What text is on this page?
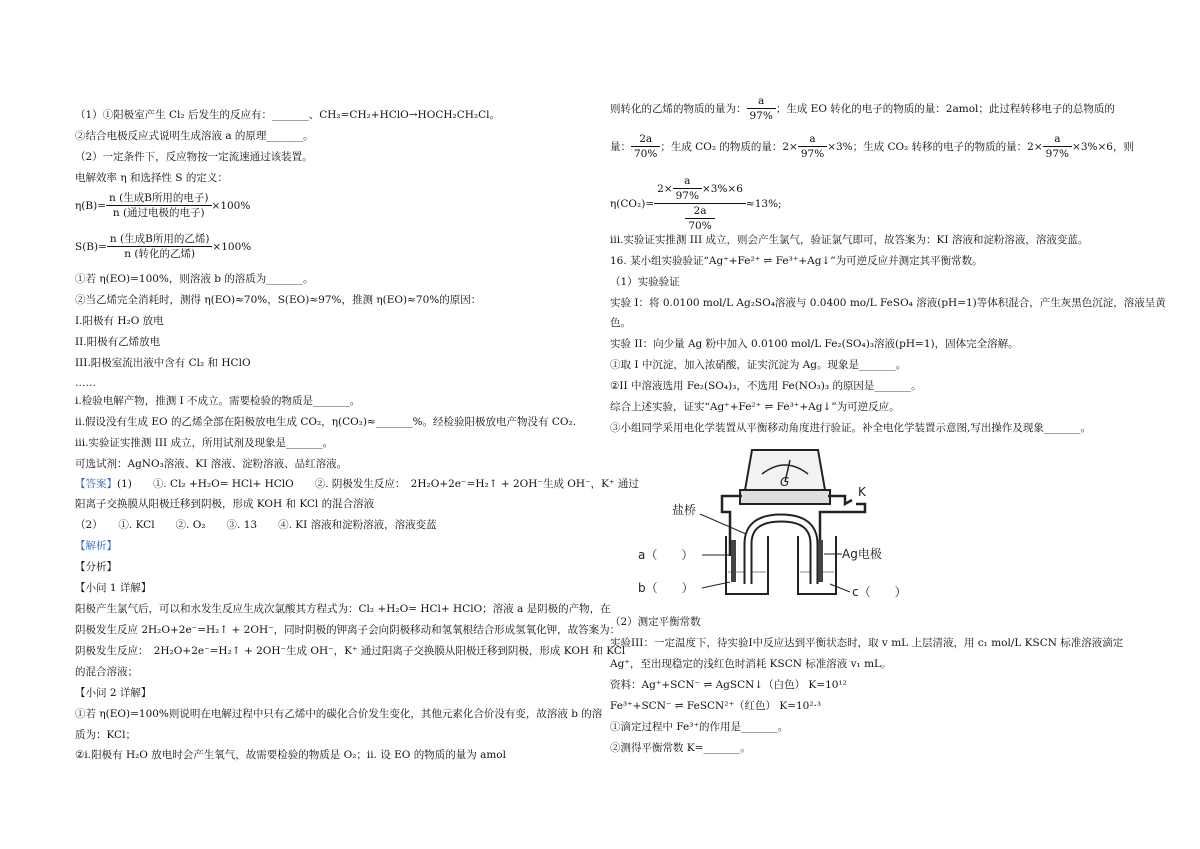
（1）①阳极室产生 Cl₂ 后发生的反应有：_______、CH₂=CH₂+HClO→HOCH₂CH₂Cl。
②结合电极反应式说明生成溶液 a 的原理_______。
（2）一定条件下，反应物按一定流速通过该装置。
电解效率 η 和选择性 S 的定义：
$\eta(B)= \frac{\text{n (生成B所用的电子)}}{\text{n (通过电极的电子)}} \times 100\%$
$S(B)= \frac{\text{n (生成B所用的乙烯)}}{\text{n (转化的乙烯)}} \times 100\%$
①若 η(EO)=100%，则溶液 b 的溶质为_______。
②当乙烯完全消耗时，测得 η(EO)≈70%，S(EO)≈97%，推测 η(EO)≈70%的原因：
I.阳极有 H₂O 放电
II.阳极有乙烯放电
III.阳极室流出液中含有 Cl₂ 和 HClO
……
i.检验电解产物，推测 I 不成立。需要检验的物质是_______。
ii.假设没有生成 EO 的乙烯全部在阳极放电生成 CO₂，η(CO₂)≈_______%。经检验阳极放电产物没有 CO₂.
iii.实验证实推测 III 成立，所用试剂及现象是_______。
可选试剂：AgNO₃溶液、KI 溶液、淀粉溶液、品红溶液。
【答案】(1)　　①. Cl₂ +H₂O= HCl+ HClO　　②. 阴极发生反应：　2H₂O+2e⁻=H₂↑ + 2OH⁻生成 OH⁻，K⁺ 通过
阳离子交换膜从阳极迁移到阴极，形成 KOH 和 KCl 的混合溶液
（2）　　①. KCl　　②. O₂　　③. 13　　④. KI 溶液和淀粉溶液，溶液变蓝
【解析】
【分析】
【小问 1 详解】
阳极产生氯气后，可以和水发生反应生成次氯酸其方程式为：Cl₂ +H₂O= HCl+ HClO；溶液 a 是阴极的产物，在
阴极发生反应 2H₂O+2e⁻=H₂↑ + 2OH⁻，同时阴极的钾离子会向阴极移动和氢氧根结合形成氢氧化钾，故答案为：
阴极发生反应：　2H₂O+2e⁻=H₂↑ + 2OH⁻生成 OH⁻，K⁺ 通过阳离子交换膜从阳极迁移到阴极，形成 KOH 和 KCl
的混合溶液；
【小问 2 详解】
①若 η(EO)=100%则说明在电解过程中只有乙烯中的碳化合价发生变化，其他元素化合价没有变，故溶液 b 的溶
质为：KCl；
②i.阳极有 H₂O 放电时会产生氧气，故需要检验的物质是 O₂；ii. 设 EO 的物质的量为 amol
则转化的乙烯的物质的量为： $\frac{a}{97\%}$ ；生成 EO 转化的电子的物质的量：2amol；此过程转移电子的总物质的
量： $\frac{2a}{70\%}$ ；生成 CO₂ 的物质的量：$2\times \frac{a}{97\%} \times 3\%$；生成 CO₂ 转移的电子的物质的量：$2\times \frac{a}{97\%} \times 3\%\times 6$，则
$\eta(CO_2)= \frac{2\times \frac{a}{97\%} \times 3\%\times 6}{\frac{2a}{70\%}} \approx 13\%$;
iii.实验证实推测 III 成立，则会产生氯气，验证氯气即可，故答案为：KI 溶液和淀粉溶液，溶液变蓝。
16. 某小组实验验证“Ag⁺+Fe²⁺ ⇌ Fe³⁺+Ag↓”为可逆反应并测定其平衡常数。
（1）实验验证
实验 I：将 0.0100 mol/L Ag₂SO₄溶液与 0.0400 mo/L FeSO₄ 溶液(pH=1)等体积混合，产生灰黑色沉淀，溶液呈黄
色。
实验 II：向少量 Ag 粉中加入 0.0100 mol/L Fe₂(SO₄)₃溶液(pH=1)，固体完全溶解。
①取 I 中沉淀，加入浓硝酸，证实沉淀为 Ag。现象是_______。
②II 中溶液选用 Fe₂(SO₄)₃，不选用 Fe(NO₃)₃ 的原因是_______。
综合上述实验，证实“Ag⁺+Fe²⁺ ⇌ Fe³⁺+Ag↓”为可逆反应。
③小组同学采用电化学装置从平衡移动角度进行验证。补全电化学装置示意图,写出操作及现象_______。
G
K
盐桥
Ag电极
a（　　）
b（　　）	c（　　）
（2）测定平衡常数
实验III：一定温度下，待实验I中反应达到平衡状态时，取 v mL 上层清液，用 c₁ mol/L KSCN 标准溶液滴定
Ag⁺，至出现稳定的浅红色时消耗 KSCN 标准溶液 v₁ mL。
资料：Ag⁺+SCN⁻ ⇌ AgSCN↓（白色） K=10¹²
Fe³⁺+SCN⁻ ⇌ FeSCN²⁺（红色） K=10²·³
①滴定过程中 Fe³⁺的作用是_______。
②测得平衡常数 K=_______。
